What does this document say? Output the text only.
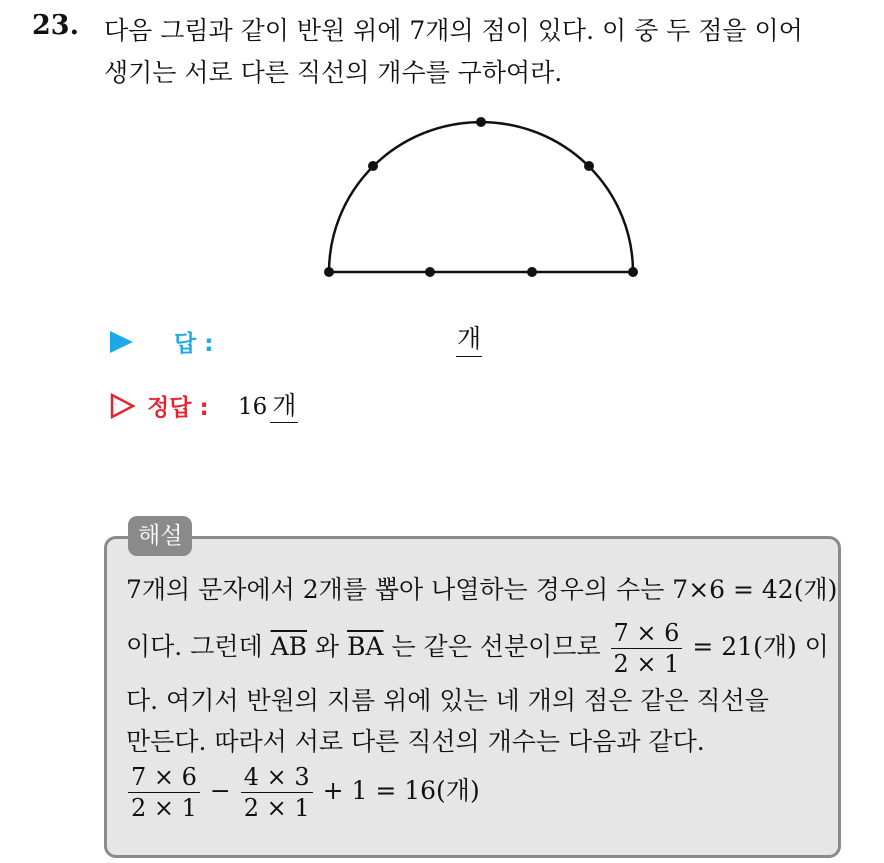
23. 다음 그림과 같이 반원 위에 7개의 점이 있다. 이 중 두 점을 이어
생기는 서로 다른 직선의 개수를 구하여라.
답 :	개
정답 : 16 개
해설
7개의 문자에서 2개를 뽑아 나열하는 경우의 수는 7×6 = 42(개)
이다. 그런데 $\overline{AB}$ 와 $\overline{BA}$ 는 같은 선분이므로 $\frac{7 \times 6}{2 \times 1} = 21$(개) 이
다. 여기서 반원의 지름 위에 있는 네 개의 점은 같은 직선을
만든다. 따라서 서로 다른 직선의 개수는 다음과 같다.
$\frac{7 \times 6}{2 \times 1} - \frac{4 \times 3}{2 \times 1} + 1 = 16$(개)
